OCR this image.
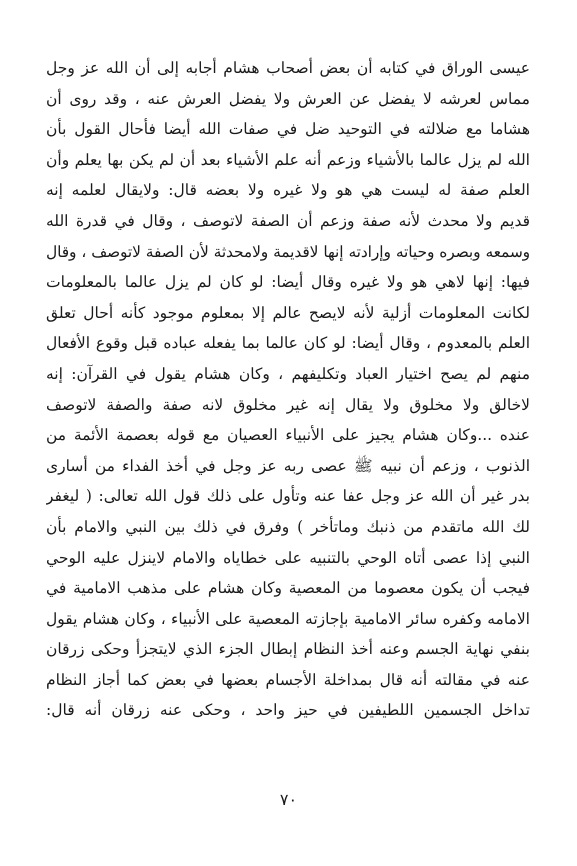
عيسى الوراق في كتابه أن بعض أصحاب هشام أجابه إلى أن الله عز وجل
مماس لعرشه لا يفضل عن العرش ولا يفضل العرش عنه ، وقد روى أن
هشاما مع ضلالته في التوحيد ضل في صفات الله أيضا فأحال القول بأن
الله لم يزل عالما بالأشياء وزعم أنه علم الأشياء بعد أن لم يكن بها يعلم وأن
العلم صفة له ليست هي هو ولا غيره ولا بعضه قال: ولايقال لعلمه إنه
قديم ولا محدث لأنه صفة وزعم أن الصفة لاتوصف ، وقال في قدرة الله
وسمعه وبصره وحياته وإرادته إنها لاقديمة ولامحدثة لأن الصفة لاتوصف ، وقال
فيها: إنها لاهي هو ولا غيره وقال أيضا: لو كان لم يزل عالما بالمعلومات
لكانت المعلومات أزلية لأنه لايصح عالم إلا بمعلوم موجود كأنه أحال تعلق
العلم بالمعدوم ، وقال أيضا: لو كان عالما بما يفعله عباده قبل وقوع الأفعال
منهم لم يصح اختيار العباد وتكليفهم ، وكان هشام يقول في القرآن: إنه
لاخالق ولا مخلوق ولا يقال إنه غير مخلوق لانه صفة والصفة لاتوصف
عنده ...وكان هشام يجيز على الأنبياء العصيان مع قوله بعصمة الأئمة من
الذنوب ، وزعم أن نبيه ﷺ عصى ربه عز وجل في أخذ الفداء من أسارى
بدر غير أن الله عز وجل عفا عنه وتأول على ذلك قول الله تعالى: ( ليغفر
لك الله ماتقدم من ذنبك وماتأخر ) وفرق في ذلك بين النبي والامام بأن
النبي إذا عصى أتاه الوحي بالتنبيه على خطاياه والامام لاينزل عليه الوحي
فيجب أن يكون معصوما من المعصية وكان هشام على مذهب الامامية في
الامامه وكفره سائر الامامية بإجازته المعصية على الأنبياء ، وكان هشام يقول
بنفي نهاية الجسم وعنه أخذ النظام إبطال الجزء الذي لايتجزأ وحكى زرقان
عنه في مقالته أنه قال بمداخلة الأجسام بعضها في بعض كما أجاز النظام
تداخل الجسمين اللطيفين في حيز واحد ، وحكى عنه زرقان أنه قال:
٧٠
